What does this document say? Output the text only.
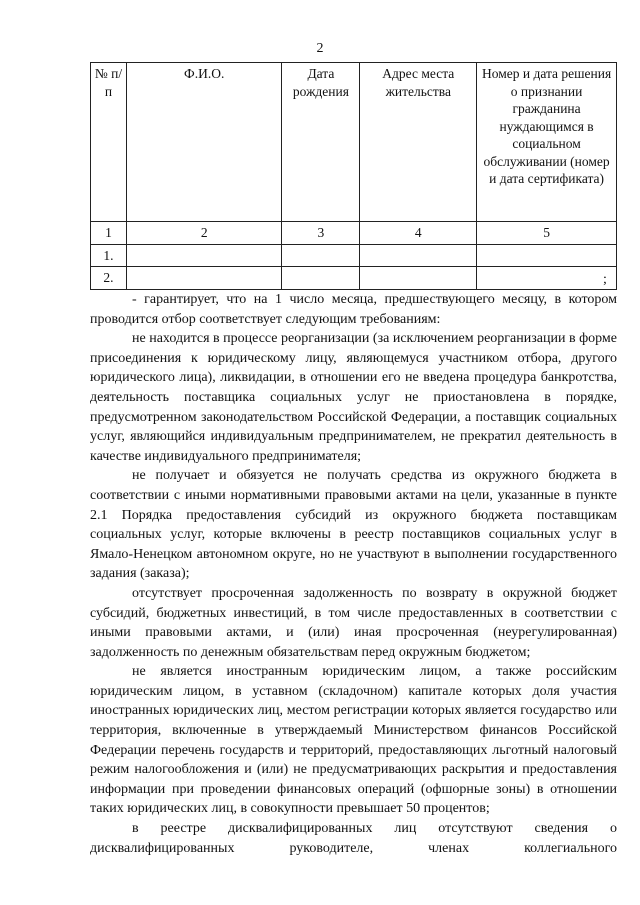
2
№ п/п	Ф.И.О.	Дата рождения	Адрес места жительства	Номер и дата решения о признании гражданина нуждающимся в социальном обслуживании (номер и дата сертификата)
1	2	3	4	5
1.				
2.					;

- гарантирует, что на 1 число месяца, предшествующего месяцу, в котором проводится отбор соответствует следующим требованиям:

не находится в процессе реорганизации (за исключением реорганизации в форме присоединения к юридическому лицу, являющемуся участником отбора, другого юридического лица), ликвидации, в отношении его не введена процедура банкротства, деятельность поставщика социальных услуг не приостановлена в порядке, предусмотренном законодательством Российской Федерации, а поставщик социальных услуг, являющийся индивидуальным предпринимателем, не прекратил деятельность в качестве индивидуального предпринимателя;

не получает и обязуется не получать средства из окружного бюджета в соответствии с иными нормативными правовыми актами на цели, указанные в пункте 2.1 Порядка предоставления субсидий из окружного бюджета поставщикам социальных услуг, которые включены в реестр поставщиков социальных услуг в Ямало-Ненецком автономном округе, но не участвуют в выполнении государственного задания (заказа);

отсутствует просроченная задолженность по возврату в окружной бюджет субсидий, бюджетных инвестиций, в том числе предоставленных в соответствии с иными правовыми актами, и (или) иная просроченная (неурегулированная) задолженность по денежным обязательствам перед окружным бюджетом;

не является иностранным юридическим лицом, а также российским юридическим лицом, в уставном (складочном) капитале которых доля участия иностранных юридических лиц, местом регистрации которых является государство или территория, включенные в утверждаемый Министерством финансов Российской Федерации перечень государств и территорий, предоставляющих льготный налоговый режим налогообложения и (или) не предусматривающих раскрытия и предоставления информации при проведении финансовых операций (офшорные зоны) в отношении таких юридических лиц, в совокупности превышает 50 процентов;

в реестре дисквалифицированных лиц отсутствуют сведения о дисквалифицированных руководителе, членах коллегиального
